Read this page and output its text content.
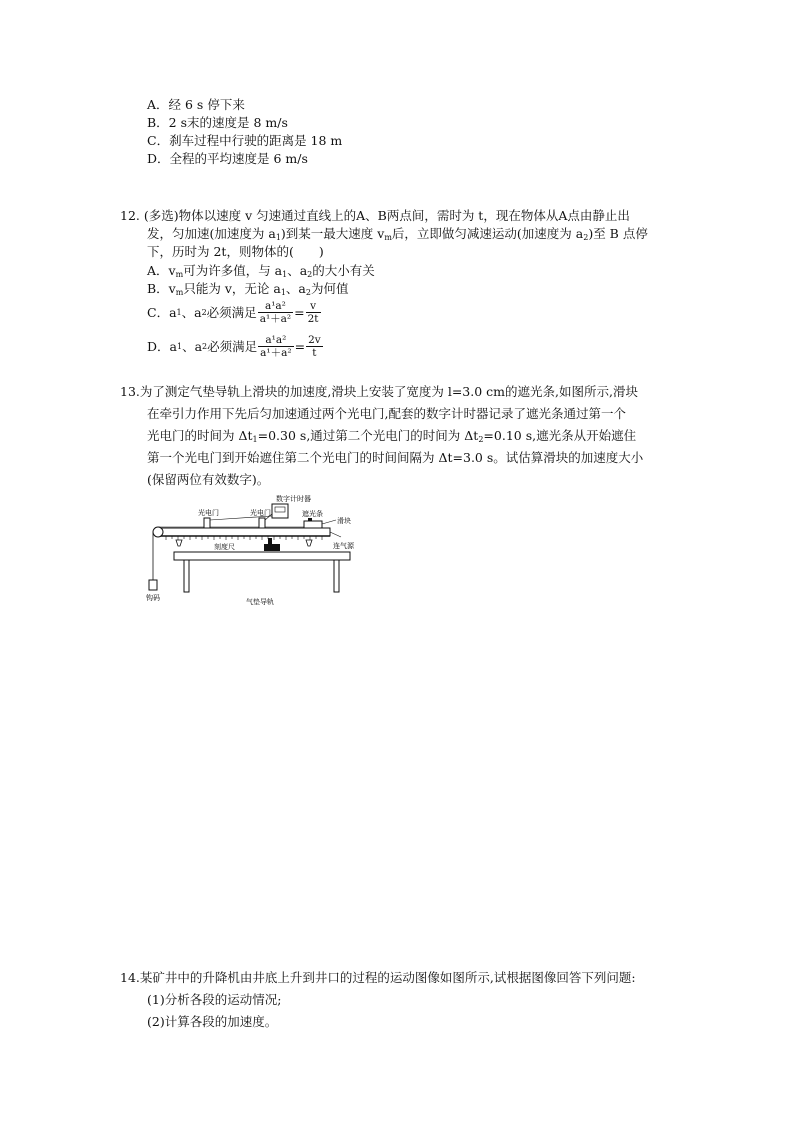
A．经 6 s 停下来
B．2 s末的速度是 8 m/s
C．刹车过程中行驶的距离是 18 m
D．全程的平均速度是 6 m/s
12. (多选)物体以速度 v 匀速通过直线上的A、B两点间，需时为 t，现在物体从A点由静止出
发，匀加速(加速度为 $a_1$)到某一最大速度 $v_m$后，立即做匀减速运动(加速度为 $a_2$)至 B 点停
下，历时为 2t，则物体的(　　)
A．$v_m$可为许多值，与 $a_1$、$a_2$的大小有关
B．$v_m$只能为 v，无论 $a_1$、$a_2$为何值
C．a 1 、a 2 必须满足 $\frac{\text{a¹a²}}{\text{a¹＋a²}} = \frac{v}{2t}$
D．a 1 、a 2 必须满足 $\frac{\text{a¹a²}}{\text{a¹＋a²}} = \frac{2v}{t}$
13.为了测定气垫导轨上滑块的加速度,滑块上安装了宽度为 l=3.0 cm的遮光条,如图所示,滑块
在牵引力作用下先后匀加速通过两个光电门,配套的数字计时器记录了遮光条通过第一个
光电门的时间为 $\Delta t_1=0.30$ s,通过第二个光电门的时间为 $\Delta t_2=0.10$ s,遮光条从开始遮住
第一个光电门到开始遮住第二个光电门的时间间隔为 Δt=3.0 s。试估算滑块的加速度大小
(保留两位有效数字)。
数字计时器
光电门	光电门	遮光条
滑块
连气源
刻度尺
钩码	气垫导轨
14.某矿井中的升降机由井底上升到井口的过程的运动图像如图所示,试根据图像回答下列问题:
(1)分析各段的运动情况;
(2)计算各段的加速度。
